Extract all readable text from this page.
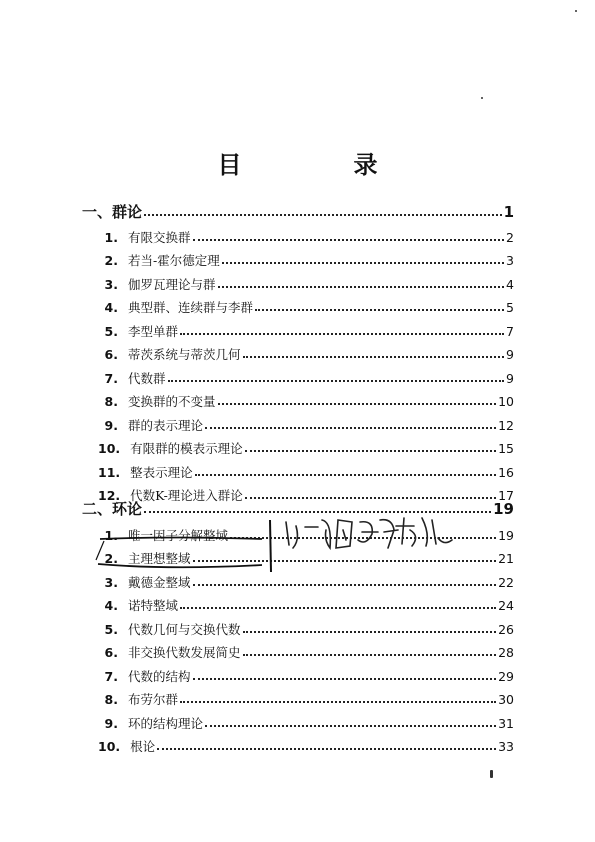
目　录
一、群论	1
1. 有限交换群	2
2. 若当-霍尔德定理	3
3. 伽罗瓦理论与群	4
4. 典型群、连续群与李群	5
5. 李型单群	7
6. 蒂茨系统与蒂茨几何	9
7. 代数群	9
8. 变换群的不变量	10
9. 群的表示理论	12
10. 有限群的模表示理论	15
11. 整表示理论	16
12. 代数K-理论进入群论	17
二、环论	19
1. 唯一因子分解整域	19
2. 主理想整域	21
3. 戴德金整域	22
4. 诺特整域	24
5. 代数几何与交换代数	26
6. 非交换代数发展简史	28
7. 代数的结构	29
8. 布劳尔群	30
9. 环的结构理论	31
10. 根论	33
